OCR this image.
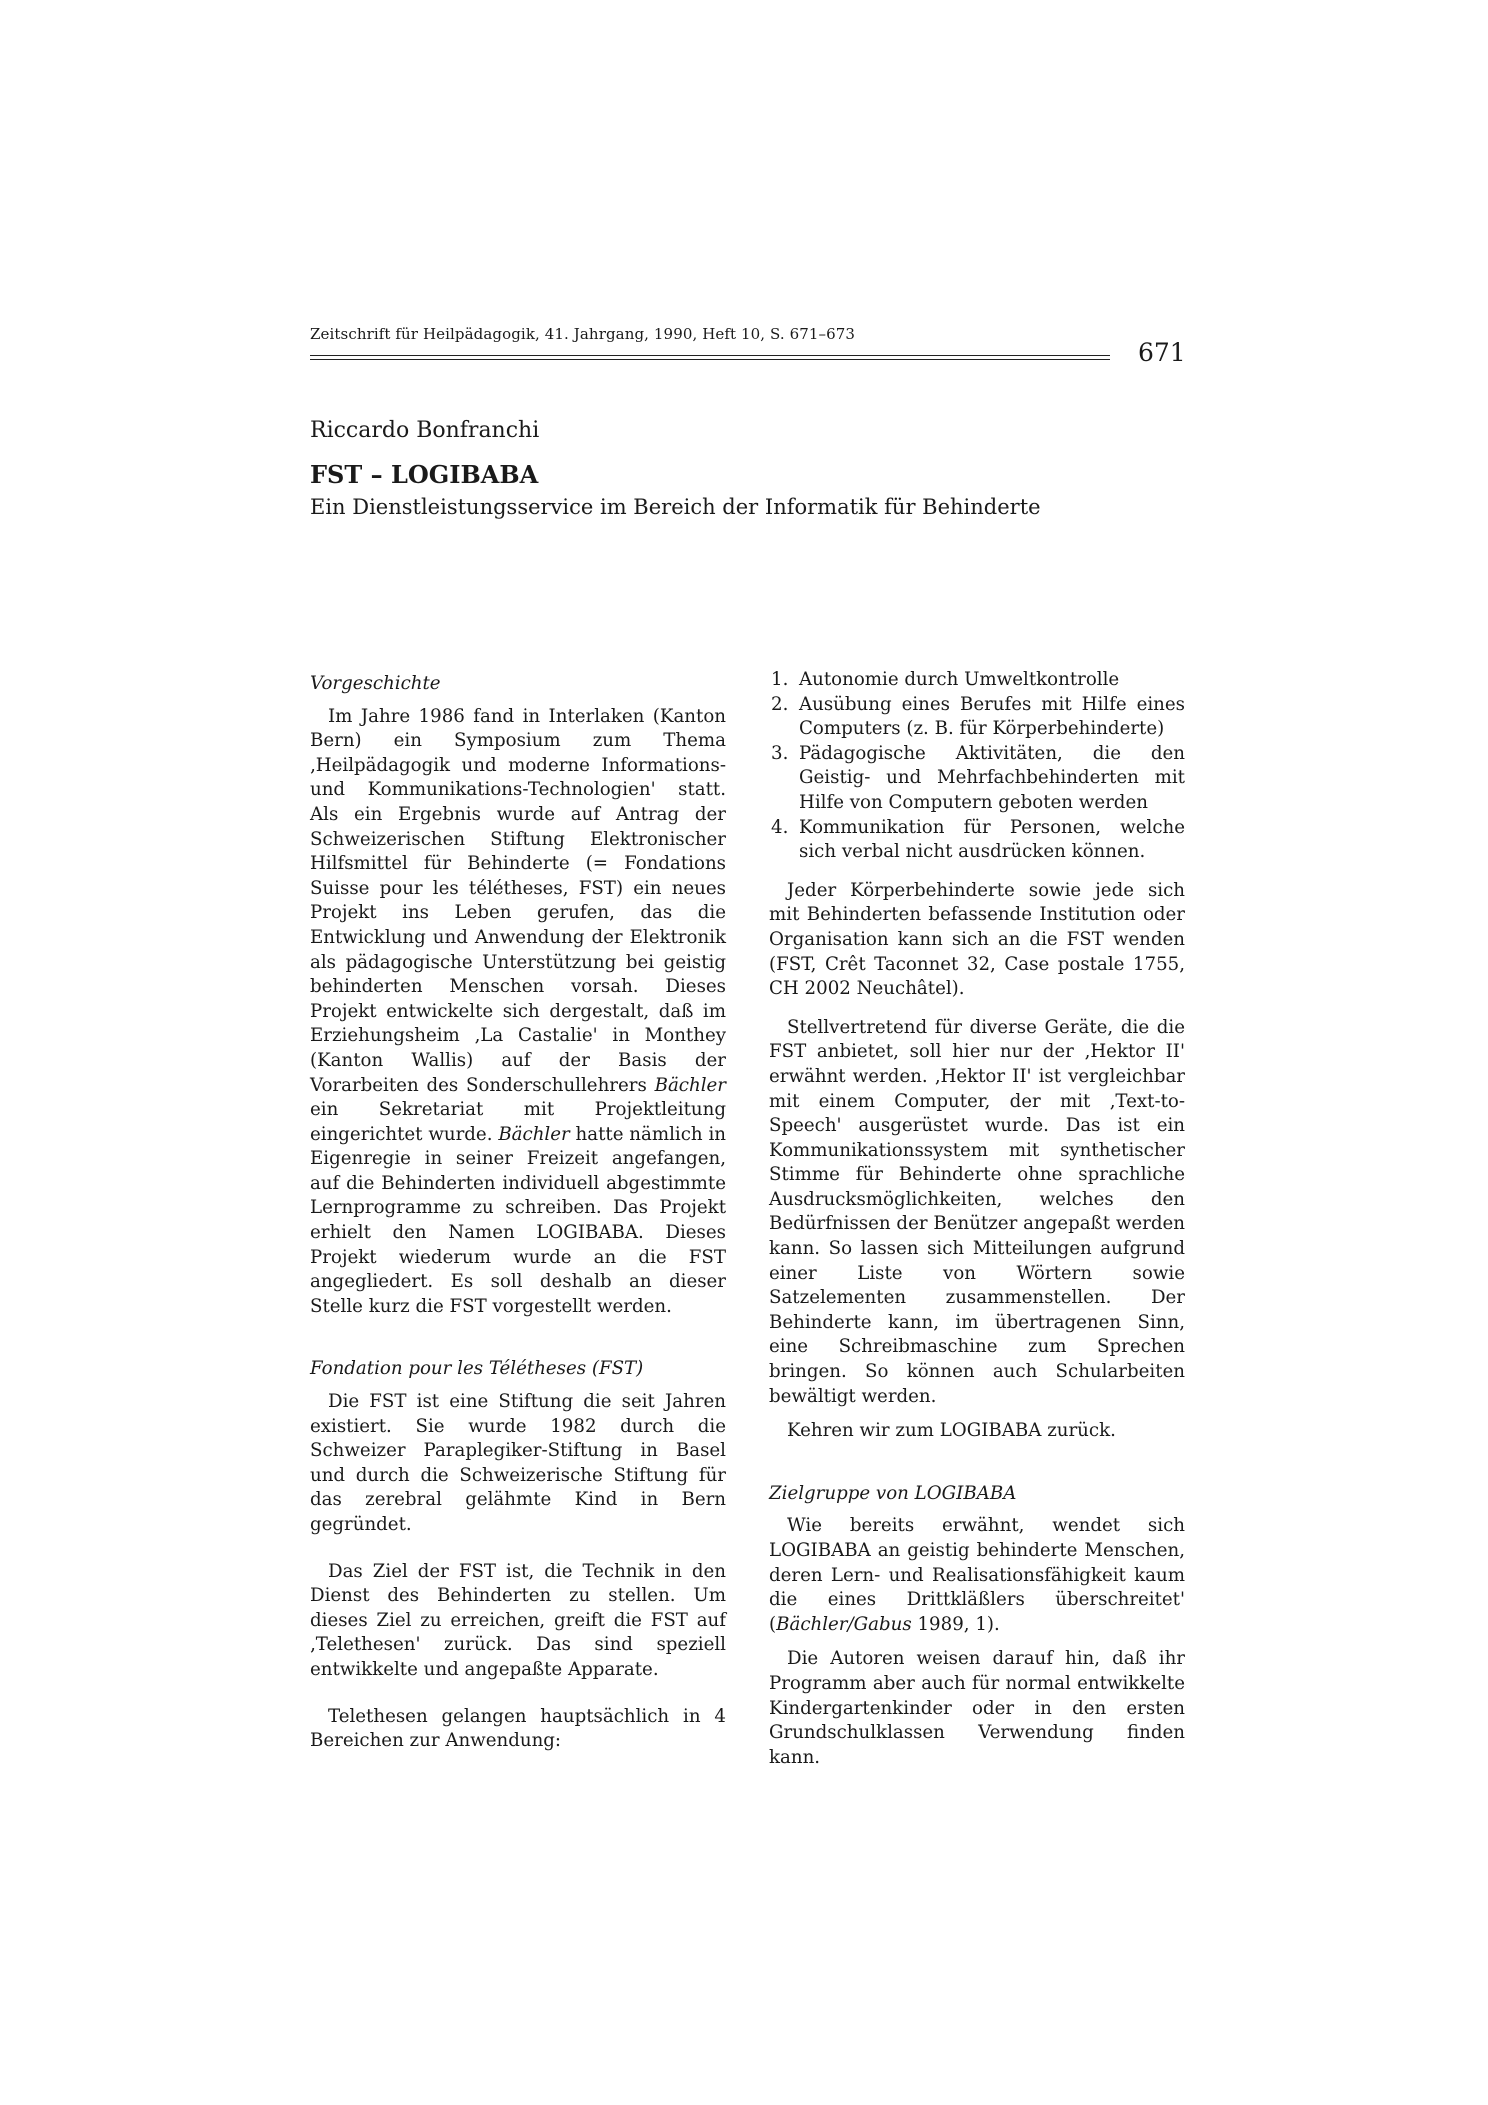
Zeitschrift für Heilpädagogik, 41. Jahrgang, 1990, Heft 10, S. 671–673
671
Riccardo Bonfranchi
FST – LOGIBABA
Ein Dienstleistungsservice im Bereich der Informatik für Behinderte
Vorgeschichte

Im Jahre 1986 fand in Interlaken (Kanton Bern) ein Symposium zum Thema ‚Heilpädagogik und moderne Informations- und Kommunikations-Technologien' statt. Als ein Ergebnis wurde auf Antrag der Schweizerischen Stiftung Elektronischer Hilfsmittel für Behinderte (= Fondations Suisse pour les télétheses, FST) ein neues Projekt ins Leben gerufen, das die Entwicklung und Anwendung der Elektronik als pädagogische Unterstützung bei geistig behinderten Menschen vorsah. Dieses Projekt entwickelte sich dergestalt, daß im Erziehungsheim ‚La Castalie' in Monthey (Kanton Wallis) auf der Basis der Vorarbeiten des Sonderschullehrers Bächler ein Sekretariat mit Projektleitung eingerichtet wurde. Bächler hatte nämlich in Eigenregie in seiner Freizeit angefangen, auf die Behinderten individuell abgestimmte Lernprogramme zu schreiben. Das Projekt erhielt den Namen LOGIBABA. Dieses Projekt wiederum wurde an die FST angegliedert. Es soll deshalb an dieser Stelle kurz die FST vorgestellt werden.

Fondation pour les Télétheses (FST)

Die FST ist eine Stiftung die seit Jahren existiert. Sie wurde 1982 durch die Schweizer Paraplegiker-Stiftung in Basel und durch die Schweizerische Stiftung für das zerebral gelähmte Kind in Bern gegründet.

Das Ziel der FST ist, die Technik in den Dienst des Behinderten zu stellen. Um dieses Ziel zu erreichen, greift die FST auf ‚Telethesen' zurück. Das sind speziell entwikkelte und angepaßte Apparate.

Telethesen gelangen hauptsächlich in 4 Bereichen zur Anwendung:

1. Autonomie durch Umweltkontrolle
2. Ausübung eines Berufes mit Hilfe eines Computers (z. B. für Körperbehinderte)
3. Pädagogische Aktivitäten, die den Geistig- und Mehrfachbehinderten mit Hilfe von Computern geboten werden
4. Kommunikation für Personen, welche sich verbal nicht ausdrücken können.

Jeder Körperbehinderte sowie jede sich mit Behinderten befassende Institution oder Organisation kann sich an die FST wenden (FST, Crêt Taconnet 32, Case postale 1755, CH 2002 Neuchâtel).

Stellvertretend für diverse Geräte, die die FST anbietet, soll hier nur der ‚Hektor II' erwähnt werden. ‚Hektor II' ist vergleichbar mit einem Computer, der mit ‚Text-to-Speech' ausgerüstet wurde. Das ist ein Kommunikationssystem mit synthetischer Stimme für Behinderte ohne sprachliche Ausdrucksmöglichkeiten, welches den Bedürfnissen der Benützer angepaßt werden kann. So lassen sich Mitteilungen aufgrund einer Liste von Wörtern sowie Satzelementen zusammenstellen. Der Behinderte kann, im übertragenen Sinn, eine Schreibmaschine zum Sprechen bringen. So können auch Schularbeiten bewältigt werden.

Kehren wir zum LOGIBABA zurück.

Zielgruppe von LOGIBABA

Wie bereits erwähnt, wendet sich LOGIBABA an geistig behinderte Menschen, deren Lern- und Realisationsfähigkeit kaum die eines Drittkläßlers überschreitet' (Bächler/Gabus 1989, 1).

Die Autoren weisen darauf hin, daß ihr Programm aber auch für normal entwikkelte Kindergartenkinder oder in den ersten Grundschulklassen Verwendung finden kann.
